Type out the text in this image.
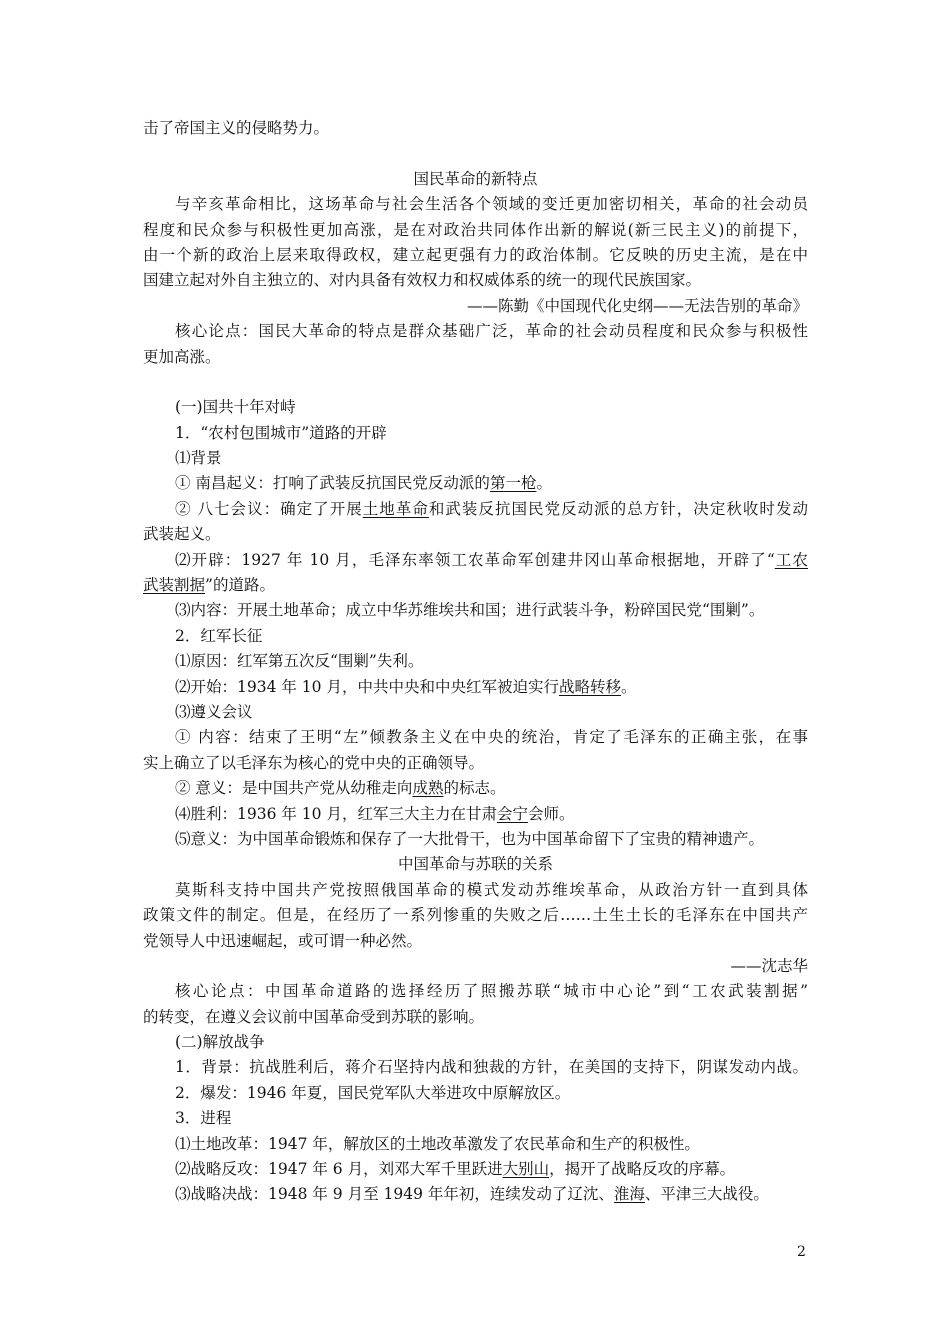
击了帝国主义的侵略势力。
国民革命的新特点
与辛亥革命相比，这场革命与社会生活各个领域的变迁更加密切相关，革命的社会动员
程度和民众参与积极性更加高涨，是在对政治共同体作出新的解说(新三民主义)的前提下，
由一个新的政治上层来取得政权，建立起更强有力的政治体制。它反映的历史主流，是在中
国建立起对外自主独立的、对内具备有效权力和权威体系的统一的现代民族国家。
——陈勤《中国现代化史纲——无法告别的革命》
核心论点：国民大革命的特点是群众基础广泛，革命的社会动员程度和民众参与积极性
更加高涨。
(一)国共十年对峙
1．“农村包围城市”道路的开辟
⑴背景
① 南昌起义：打响了武装反抗国民党反动派的第一枪。
② 八七会议：确定了开展土地革命和武装反抗国民党反动派的总方针，决定秋收时发动
武装起义。
⑵开辟：1927 年 10 月，毛泽东率领工农革命军创建井冈山革命根据地，开辟了“工农
武装割据”的道路。
⑶内容：开展土地革命；成立中华苏维埃共和国；进行武装斗争，粉碎国民党“围剿”。
2．红军长征
⑴原因：红军第五次反“围剿”失利。
⑵开始：1934 年 10 月，中共中央和中央红军被迫实行战略转移。
⑶遵义会议
① 内容：结束了王明“左”倾教条主义在中央的统治，肯定了毛泽东的正确主张，在事
实上确立了以毛泽东为核心的党中央的正确领导。
② 意义：是中国共产党从幼稚走向成熟的标志。
⑷胜利：1936 年 10 月，红军三大主力在甘肃会宁会师。
⑸意义：为中国革命锻炼和保存了一大批骨干，也为中国革命留下了宝贵的精神遗产。
中国革命与苏联的关系
莫斯科支持中国共产党按照俄国革命的模式发动苏维埃革命，从政治方针一直到具体
政策文件的制定。但是，在经历了一系列惨重的失败之后……土生土长的毛泽东在中国共产
党领导人中迅速崛起，或可谓一种必然。
——沈志华
核心论点：中国革命道路的选择经历了照搬苏联“城市中心论”到“工农武装割据”
的转变，在遵义会议前中国革命受到苏联的影响。
(二)解放战争
1．背景：抗战胜利后，蒋介石坚持内战和独裁的方针，在美国的支持下，阴谋发动内战。
2．爆发：1946 年夏，国民党军队大举进攻中原解放区。
3．进程
⑴土地改革：1947 年，解放区的土地改革激发了农民革命和生产的积极性。
⑵战略反攻：1947 年 6 月，刘邓大军千里跃进大别山，揭开了战略反攻的序幕。
⑶战略决战：1948 年 9 月至 1949 年年初，连续发动了辽沈、淮海、平津三大战役。
2
